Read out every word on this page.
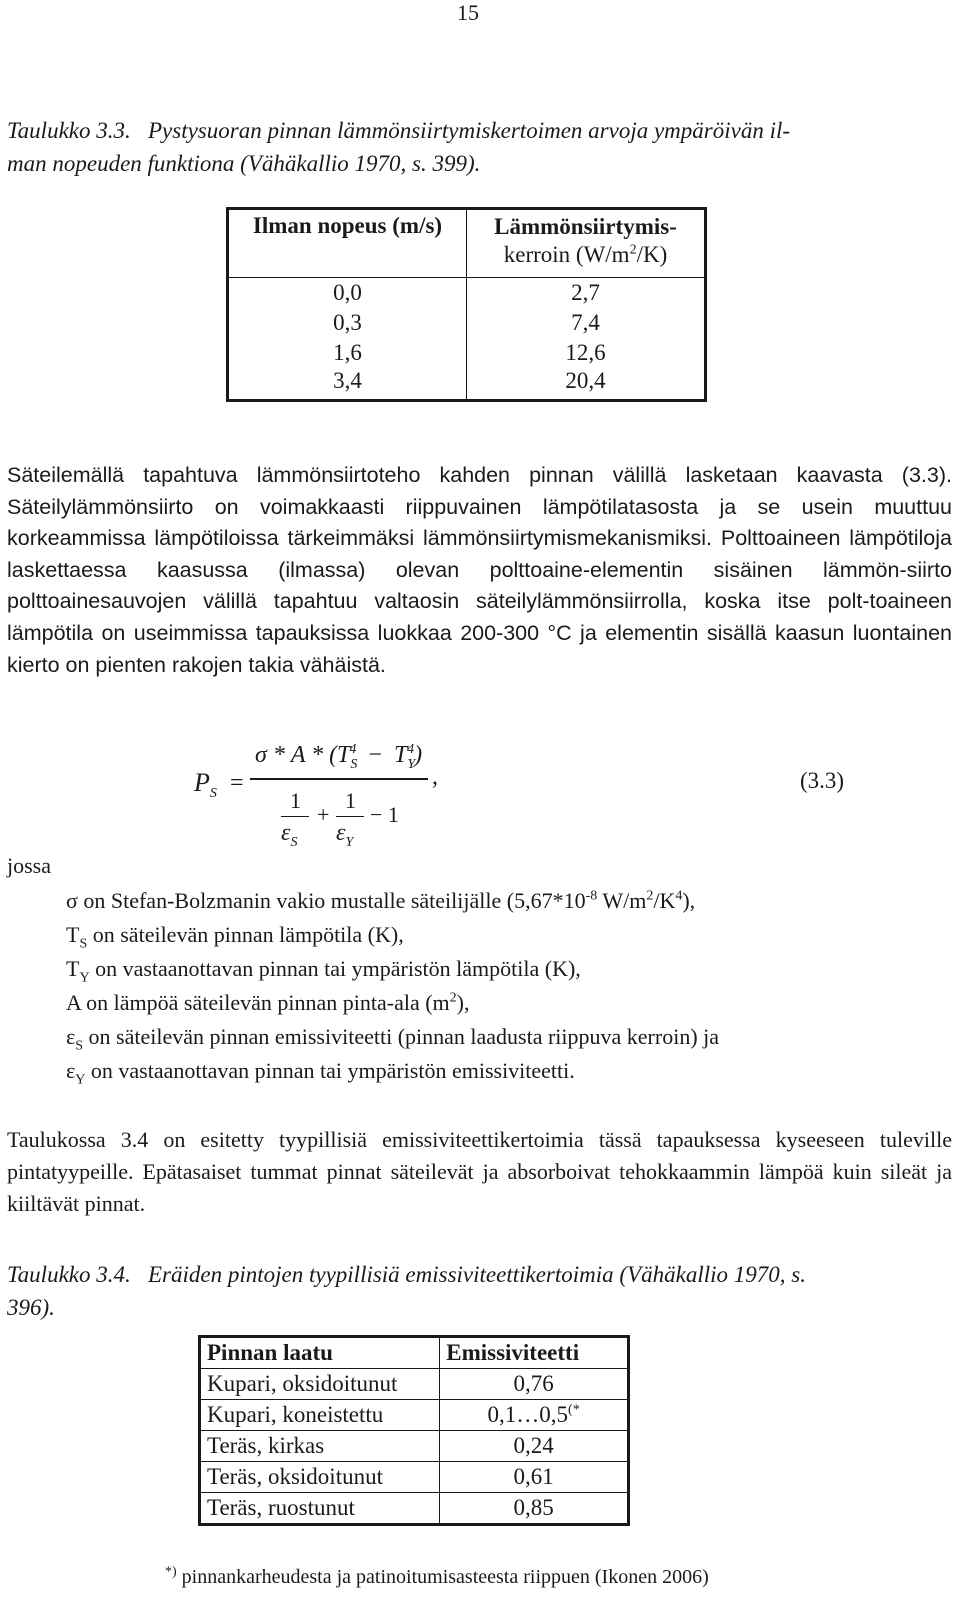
15
Taulukko 3.3. Pystysuoran pinnan lämmönsiirtymiskertoimen arvoja ympäröivän il-
man nopeuden funktiona (Vähäkallio 1970, s. 399).
Ilman nopeus (m/s)	Lämmönsiirtymis-
	kerroin $(W/m^2/K)$
0,0	2,7
0,3	7,4
1,6	12,6
3,4	20,4
Säteilemällä tapahtuva lämmönsiirtoteho kahden pinnan välillä lasketaan kaavasta (3.3). Säteilylämmönsiirto on voimakkaasti riippuvainen lämpötilatasosta ja se usein muuttuu korkeammissa lämpötiloissa tärkeimmäksi lämmönsiirtymismekanismiksi. Polttoaineen lämpötiloja laskettaessa kaasussa (ilmassa) olevan polttoaine-elementin sisäinen lämmön-siirto polttoainesauvojen välillä tapahtuu valtaosin säteilylämmönsiirrolla, koska itse polt-toaineen lämpötila on useimmissa tapauksissa luokkaa 200-300 °C ja elementin sisällä kaasun luontainen kierto on pienten rakojen takia vähäistä.
$P_S$ =
$\sigma * A * (T_S^4 - T_Y^4)$
1
$\varepsilon_S$
+
1
$\varepsilon_Y$
− 1
,	(3.3)
jossa
σ on Stefan-Bolzmanin vakio mustalle säteilijälle ($5,67*10^{-8}$ $W/m^2/K^4$),
$T_S$ on säteilevän pinnan lämpötila (K),
$T_Y$ on vastaanottavan pinnan tai ympäristön lämpötila (K),
A on lämpöä säteilevän pinnan pinta-ala $(m^2)$,
$\varepsilon_S$ on säteilevän pinnan emissiviteetti (pinnan laadusta riippuva kerroin) ja
$\varepsilon_Y$ on vastaanottavan pinnan tai ympäristön emissiviteetti.
Taulukossa 3.4 on esitetty tyypillisiä emissiviteettikertoimia tässä tapauksessa kyseeseen tuleville pintatyypeille. Epätasaiset tummat pinnat säteilevät ja absorboivat tehokkaammin lämpöä kuin sileät ja kiiltävät pinnat.
Taulukko 3.4. Eräiden pintojen tyypillisiä emissiviteettikertoimia (Vähäkallio 1970, s.
396).
Pinnan laatu	Emissiviteetti
Kupari, oksidoitunut	0,76
Kupari, koneistettu	0,1…0,5(*
Teräs, kirkas	0,24
Teräs, oksidoitunut	0,61
Teräs, ruostunut	0,85
*) pinnankarheudesta ja patinoitumisasteesta riippuen (Ikonen 2006)
